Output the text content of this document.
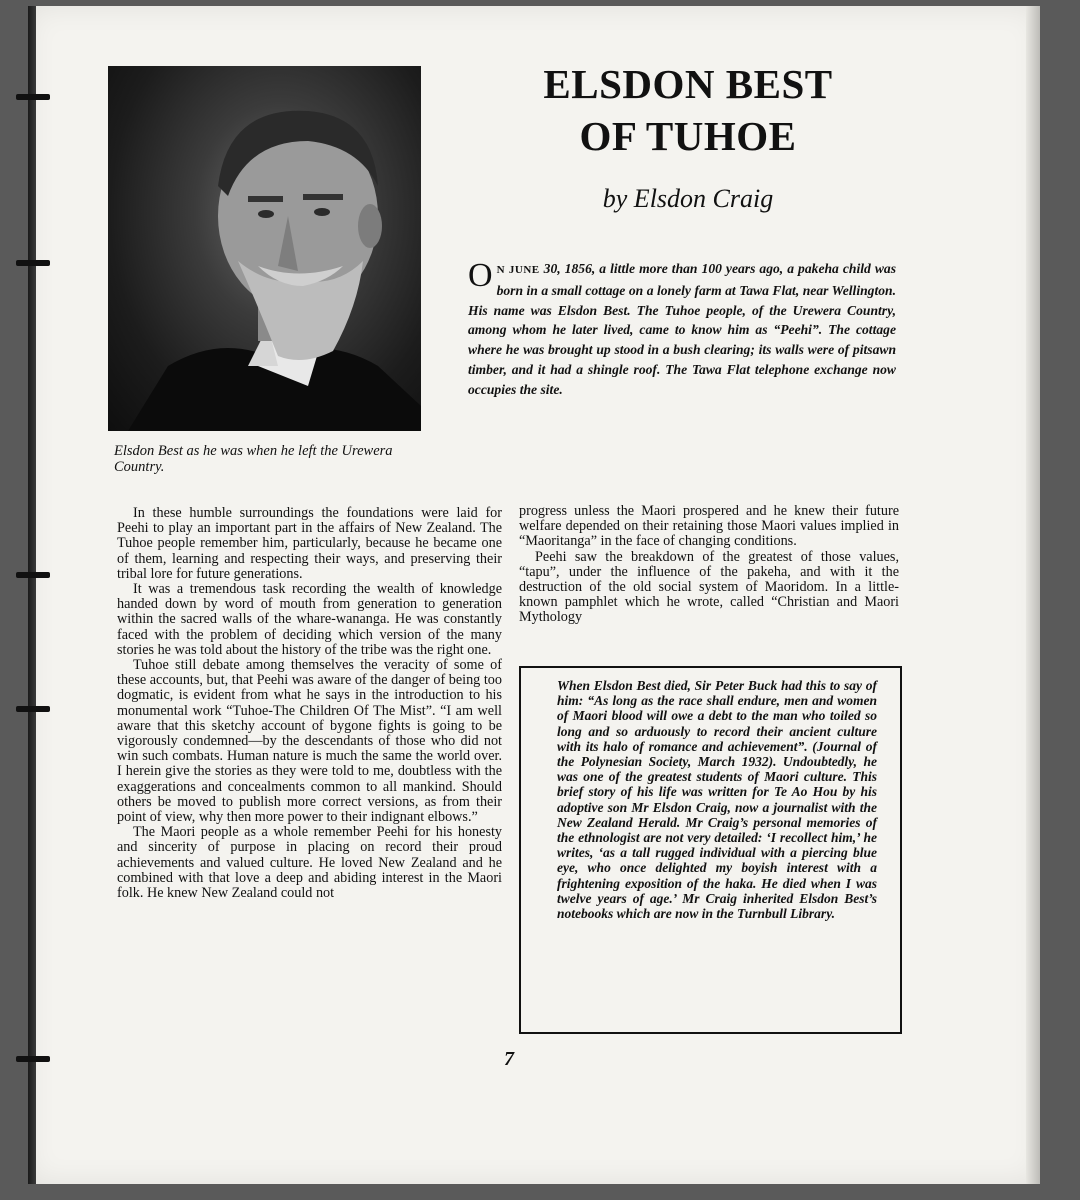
Elsdon Best as he was when he left the Urewera Country.
ELSDON BEST
OF TUHOE
by Elsdon Craig
O N JUNE 30, 1856, a little more than 100 years ago, a pakeha child was born in a small cottage on a lonely farm at Tawa Flat, near Wellington. His name was Elsdon Best. The Tuhoe people, of the Urewera Country, among whom he later lived, came to know him as “Peehi”. The cottage where he was brought up stood in a bush clearing; its walls were of pitsawn timber, and it had a shingle roof. The Tawa Flat telephone exchange now occupies the site.

In these humble surroundings the foundations were laid for Peehi to play an important part in the affairs of New Zealand. The Tuhoe people remember him, particularly, because he became one of them, learning and respecting their ways, and preserving their tribal lore for future generations.

It was a tremendous task recording the wealth of knowledge handed down by word of mouth from generation to generation within the sacred walls of the whare-wananga. He was constantly faced with the problem of deciding which version of the many stories he was told about the history of the tribe was the right one.

Tuhoe still debate among themselves the veracity of some of these accounts, but, that Peehi was aware of the danger of being too dogmatic, is evident from what he says in the introduction to his monumental work “Tuhoe-The Children Of The Mist”. “I am well aware that this sketchy account of bygone fights is going to be vigorously condemned—by the descendants of those who did not win such combats. Human nature is much the same the world over. I herein give the stories as they were told to me, doubtless with the exaggerations and concealments common to all mankind. Should others be moved to publish more correct versions, as from their point of view, why then more power to their indignant elbows.”

The Maori people as a whole remember Peehi for his honesty and sincerity of purpose in placing on record their proud achievements and valued culture. He loved New Zealand and he combined with that love a deep and abiding interest in the Maori folk. He knew New Zealand could not

progress unless the Maori prospered and he knew their future welfare depended on their retaining those Maori values implied in “Maoritanga” in the face of changing conditions.

Peehi saw the breakdown of the greatest of those values, “tapu”, under the influence of the pakeha, and with it the destruction of the old social system of Maoridom. In a little-known pamphlet which he wrote, called “Christian and Maori Mythology

When Elsdon Best died, Sir Peter Buck had this to say of him: “As long as the race shall endure, men and women of Maori blood will owe a debt to the man who toiled so long and so arduously to record their ancient culture with its halo of romance and achievement”. (Journal of the Polynesian Society, March 1932). Undoubtedly, he was one of the greatest students of Maori culture. This brief story of his life was written for Te Ao Hou by his adoptive son Mr Elsdon Craig, now a journalist with the New Zealand Herald. Mr Craig’s personal memories of the ethnologist are not very detailed: ‘I recollect him,’ he writes, ‘as a tall rugged individual with a piercing blue eye, who once delighted my boyish interest with a frightening exposition of the haka. He died when I was twelve years of age.’ Mr Craig inherited Elsdon Best’s notebooks which are now in the Turnbull Library.
7
